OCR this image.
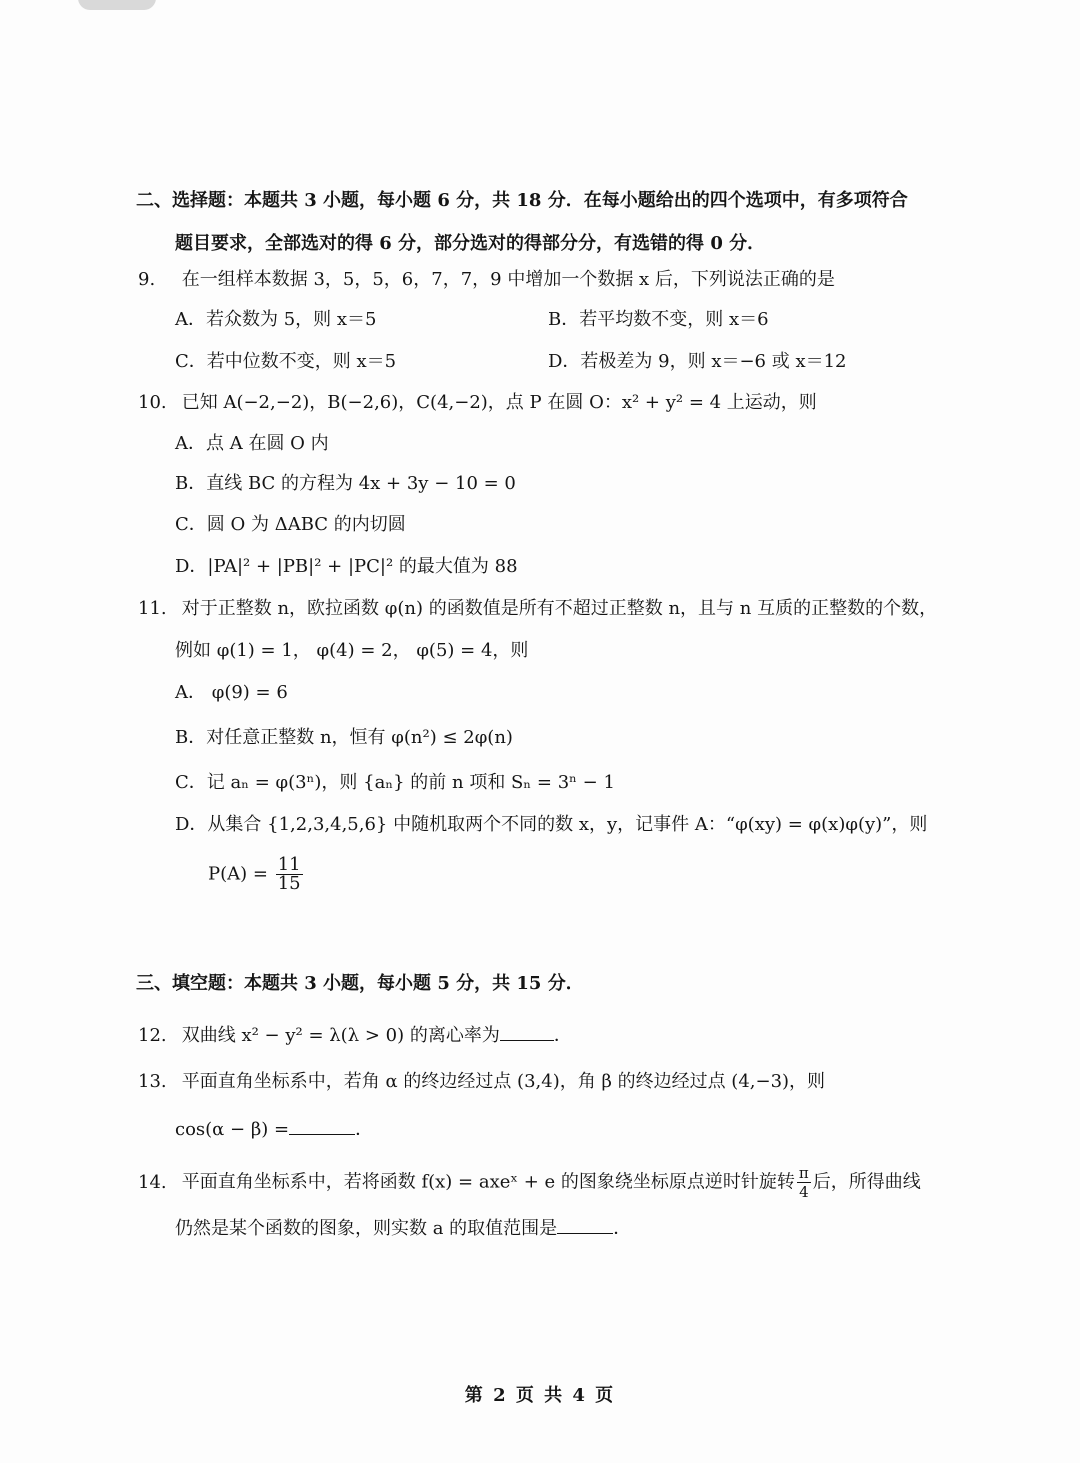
二、选择题：本题共 3 小题，每小题 6 分，共 18 分．在每小题给出的四个选项中，有多项符合
题目要求，全部选对的得 6 分，部分选对的得部分分，有选错的得 0 分．
9. 在一组样本数据 3，5，5，6，7，7，9 中增加一个数据 x 后，下列说法正确的是
A．若众数为 5，则 x＝5	B．若平均数不变，则 x＝6
C．若中位数不变，则 x＝5	D．若极差为 9，则 x＝−6 或 x＝12
10. 已知 A(−2,−2)，B(−2,6)，C(4,−2)，点 P 在圆 O：x² + y² = 4 上运动，则
A．点 A 在圆 O 内
B．直线 BC 的方程为 4x + 3y − 10 = 0
C．圆 O 为 ΔABC 的内切圆
D．|PA|² + |PB|² + |PC|² 的最大值为 88
11. 对于正整数 n，欧拉函数 φ(n) 的函数值是所有不超过正整数 n，且与 n 互质的正整数的个数，
例如 φ(1) = 1， φ(4) = 2， φ(5) = 4，则
A． φ(9) = 6
B．对任意正整数 n，恒有 φ(n²) ≤ 2φ(n)
C．记 aₙ = φ(3ⁿ)，则 {aₙ} 的前 n 项和 Sₙ = 3ⁿ − 1
D．从集合 {1,2,3,4,5,6} 中随机取两个不同的数 x，y，记事件 A：“φ(xy) = φ(x)φ(y)”，则
$P(A) = \frac{11}{15}$
三、填空题：本题共 3 小题，每小题 5 分，共 15 分．
12. 双曲线 x² − y² = λ(λ > 0) 的离心率为	．
13. 平面直角坐标系中，若角 α 的终边经过点 (3,4)，角 β 的终边经过点 (4,−3)，则
cos(α − β) =	．
14. 平面直角坐标系中，若将函数 f(x) = axeˣ + e 的图象绕坐标原点逆时针旋转 $\frac{\pi}{4}$ 后，所得曲线
仍然是某个函数的图象，则实数 a 的取值范围是	．
第 2 页 共 4 页
